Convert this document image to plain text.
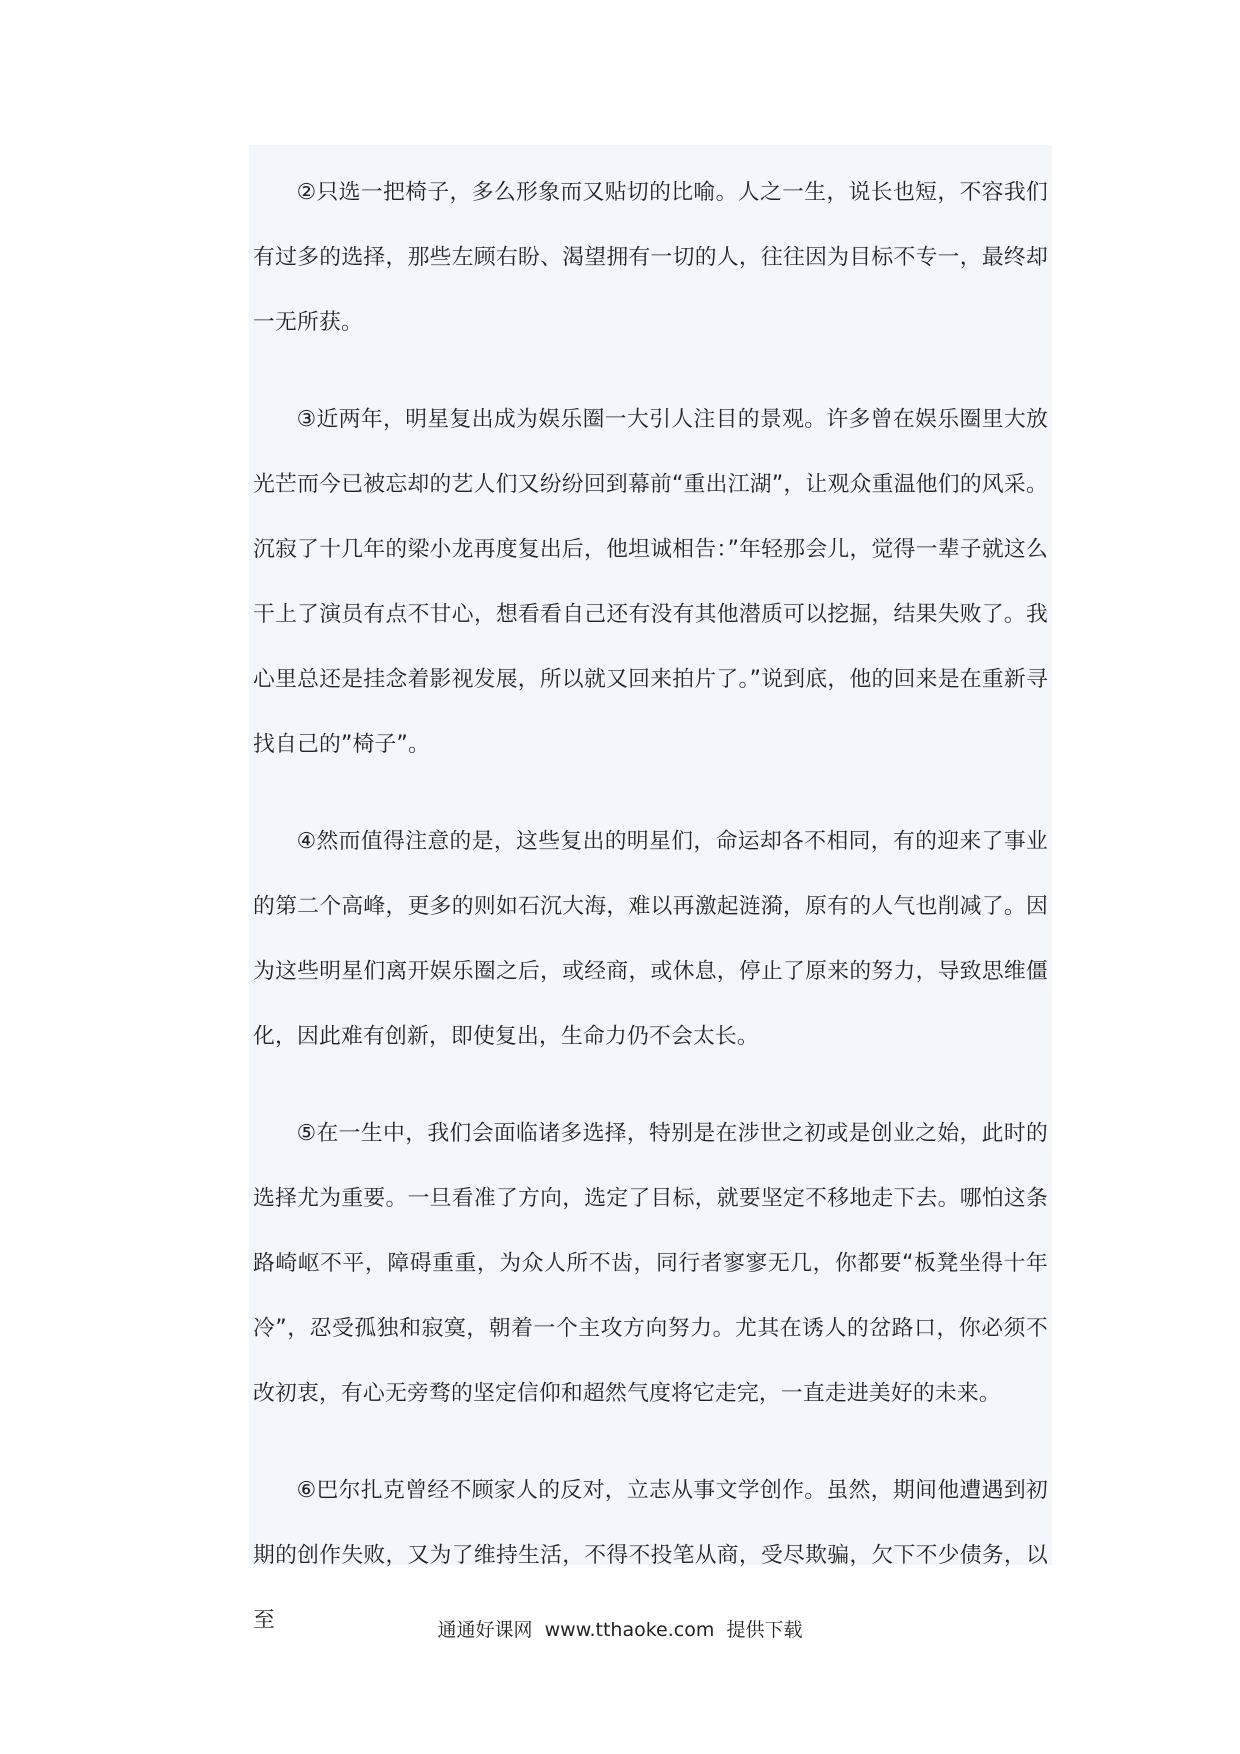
②只选一把椅子，多么形象而又贴切的比喻。人之一生，说长也短，不容我们有过多的选择，那些左顾右盼、渴望拥有一切的人，往往因为目标不专一，最终却一无所获。

③近两年，明星复出成为娱乐圈一大引人注目的景观。许多曾在娱乐圈里大放光芒而今已被忘却的艺人们又纷纷回到幕前“重出江湖”，让观众重温他们的风采。沉寂了十几年的梁小龙再度复出后，他坦诚相告：”年轻那会儿，觉得一辈子就这么干上了演员有点不甘心，想看看自己还有没有其他潜质可以挖掘，结果失败了。我心里总还是挂念着影视发展，所以就又回来拍片了。”说到底，他的回来是在重新寻找自己的”椅子”。

④然而值得注意的是，这些复出的明星们，命运却各不相同，有的迎来了事业的第二个高峰，更多的则如石沉大海，难以再激起涟漪，原有的人气也削减了。因为这些明星们离开娱乐圈之后，或经商，或休息，停止了原来的努力，导致思维僵化，因此难有创新，即使复出，生命力仍不会太长。

⑤在一生中，我们会面临诸多选择，特别是在涉世之初或是创业之始，此时的选择尤为重要。一旦看准了方向，选定了目标，就要坚定不移地走下去。哪怕这条路崎岖不平，障碍重重，为众人所不齿，同行者寥寥无几，你都要“板凳坐得十年冷”，忍受孤独和寂寞，朝着一个主攻方向努力。尤其在诱人的岔路口，你必须不改初衷，有心无旁骛的坚定信仰和超然气度将它走完，一直走进美好的未来。

⑥巴尔扎克曾经不顾家人的反对，立志从事文学创作。虽然，期间他遭遇到初期的创作失败，又为了维持生活，不得不投笔从商，受尽欺骗，欠下不少债务，以至	通通好课网  www.tthaoke.com  提供下载
